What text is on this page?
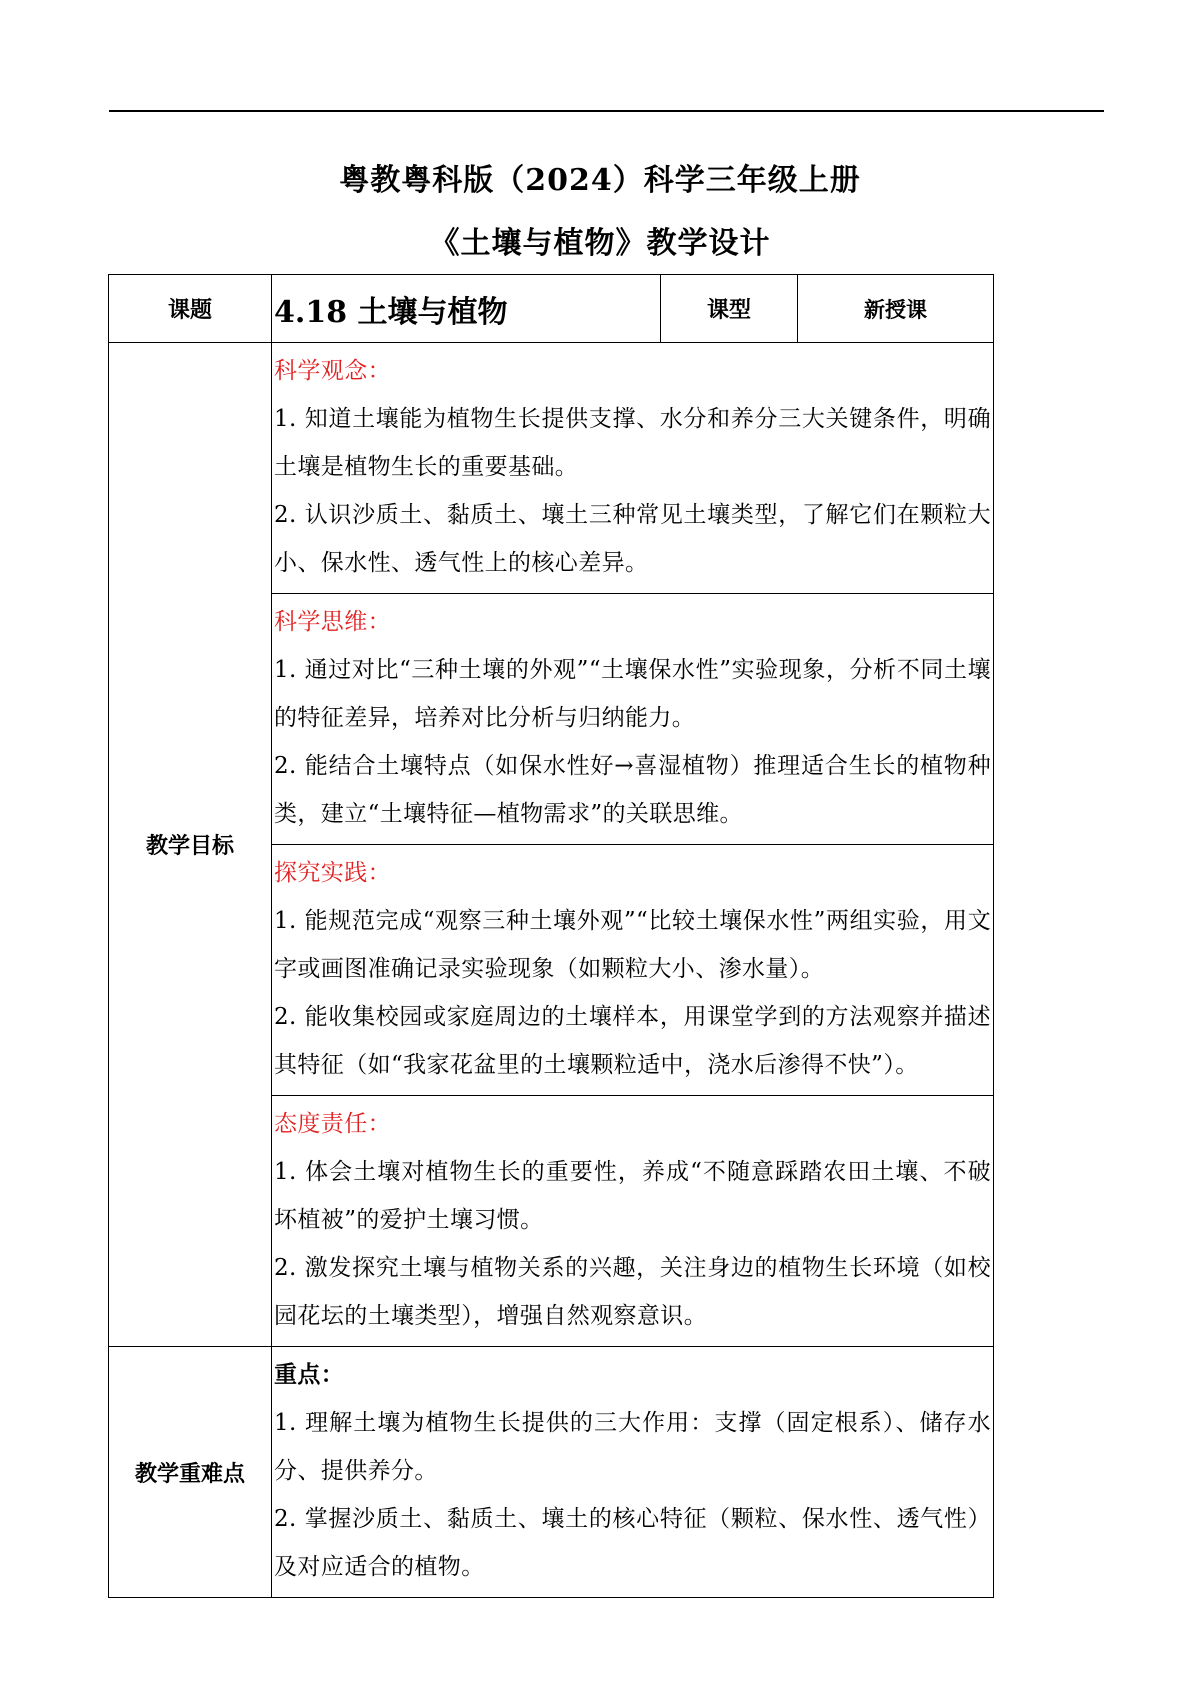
粤教粤科版（2024）科学三年级上册
《土壤与植物》教学设计
课题	4.18 土壤与植物	课型	新授课
教学目标	科学观念：

1. 知道土壤能为植物生长提供支撑、水分和养分三大关键条件，明确土壤是植物生长的重要基础。

2. 认识沙质土、黏质土、壤土三种常见土壤类型，了解它们在颗粒大小、保水性、透气性上的核心差异。		

	科学思维：

1. 通过对比“三种土壤的外观”“土壤保水性”实验现象，分析不同土壤的特征差异，培养对比分析与归纳能力。

2. 能结合土壤特点（如保水性好→喜湿植物）推理适合生长的植物种类，建立“土壤特征—植物需求”的关联思维。		

	探究实践：

1. 能规范完成“观察三种土壤外观”“比较土壤保水性”两组实验，用文字或画图准确记录实验现象（如颗粒大小、渗水量）。

2. 能收集校园或家庭周边的土壤样本，用课堂学到的方法观察并描述其特征（如“我家花盆里的土壤颗粒适中，浇水后渗得不快”）。		

	态度责任：

1. 体会土壤对植物生长的重要性，养成“不随意踩踏农田土壤、不破坏植被”的爱护土壤习惯。

2. 激发探究土壤与植物关系的兴趣，关注身边的植物生长环境（如校园花坛的土壤类型），增强自然观察意识。		

教学重难点	重点：

1. 理解土壤为植物生长提供的三大作用：支撑（固定根系）、储存水分、提供养分。

2. 掌握沙质土、黏质土、壤土的核心特征（颗粒、保水性、透气性）及对应适合的植物。		
